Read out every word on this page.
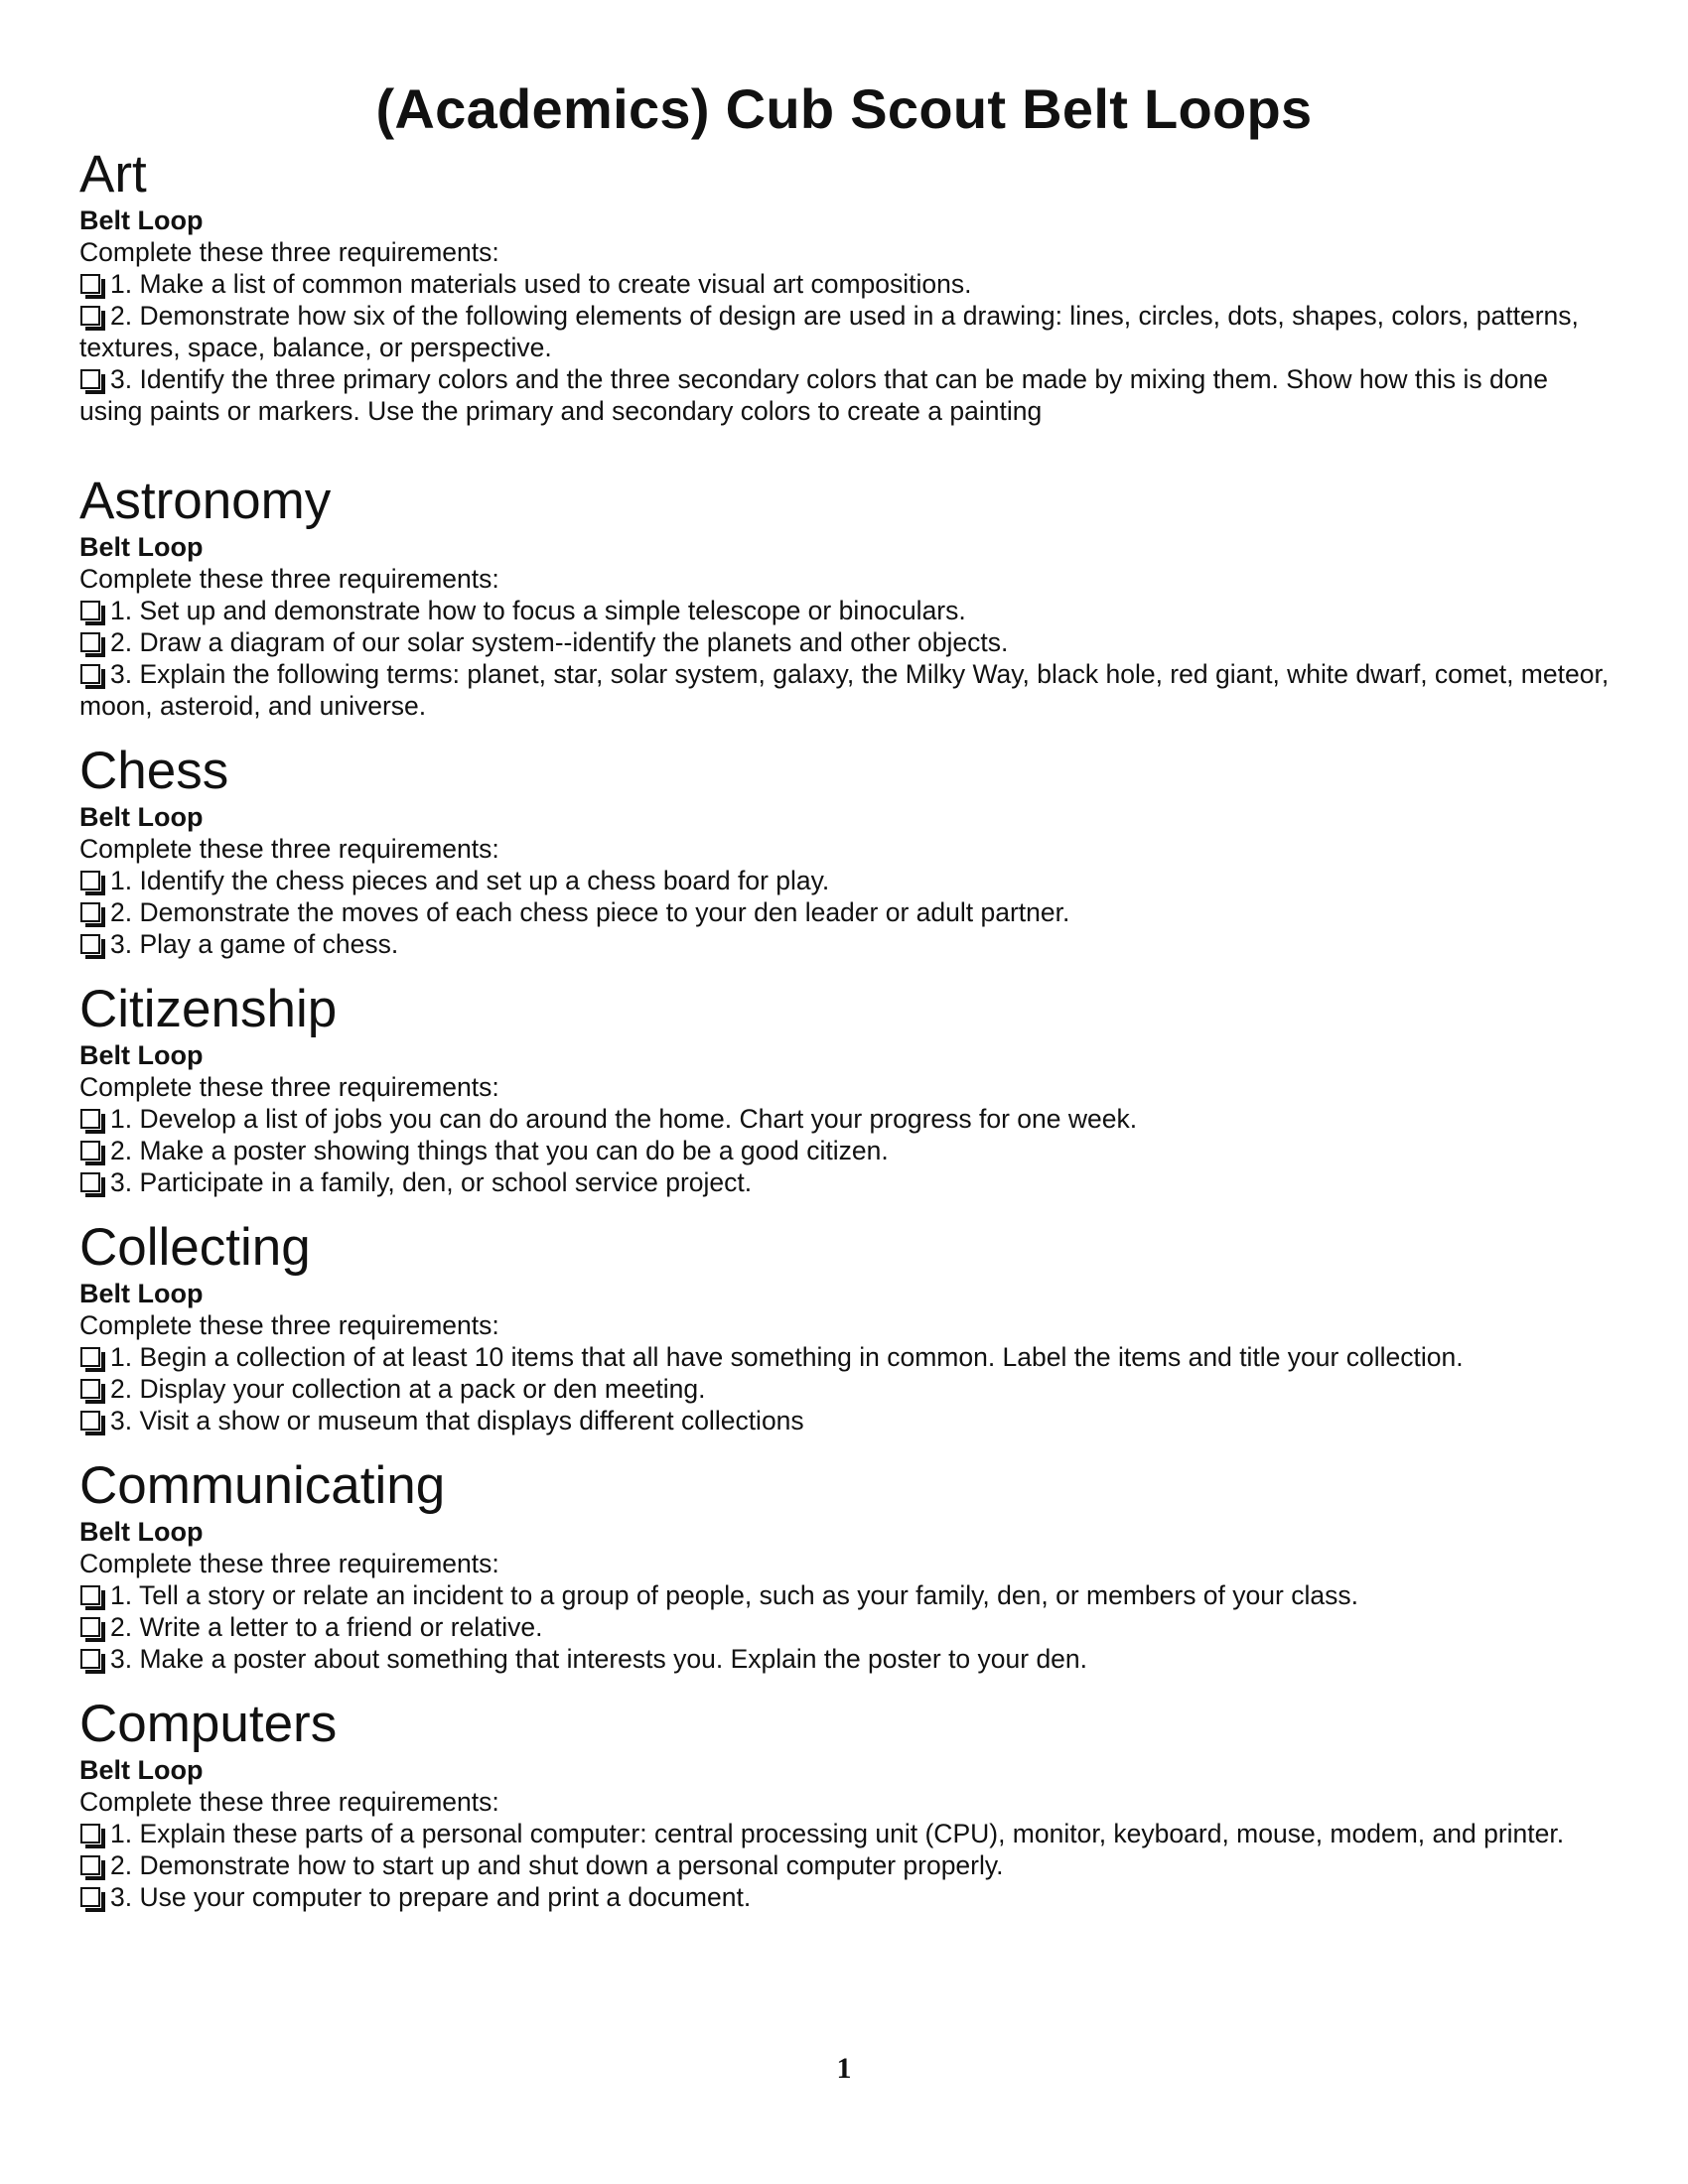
(Academics) Cub Scout Belt Loops
Art
Belt Loop
Complete these three requirements:
1. Make a list of common materials used to create visual art compositions.
2. Demonstrate how six of the following elements of design are used in a drawing: lines, circles, dots, shapes, colors, patterns, textures, space, balance, or perspective.
3. Identify the three primary colors and the three secondary colors that can be made by mixing them. Show how this is done using paints or markers. Use the primary and secondary colors to create a painting
Astronomy
Belt Loop
Complete these three requirements:
1. Set up and demonstrate how to focus a simple telescope or binoculars.
2. Draw a diagram of our solar system--identify the planets and other objects.
3. Explain the following terms: planet, star, solar system, galaxy, the Milky Way, black hole, red giant, white dwarf, comet, meteor, moon, asteroid, and universe.
Chess
Belt Loop
Complete these three requirements:
1. Identify the chess pieces and set up a chess board for play.
2. Demonstrate the moves of each chess piece to your den leader or adult partner.
3. Play a game of chess.
Citizenship
Belt Loop
Complete these three requirements:
1. Develop a list of jobs you can do around the home. Chart your progress for one week.
2. Make a poster showing things that you can do be a good citizen.
3. Participate in a family, den, or school service project.
Collecting
Belt Loop
Complete these three requirements:
1. Begin a collection of at least 10 items that all have something in common. Label the items and title your collection.
2. Display your collection at a pack or den meeting.
3. Visit a show or museum that displays different collections
Communicating
Belt Loop
Complete these three requirements:
1. Tell a story or relate an incident to a group of people, such as your family, den, or members of your class.
2. Write a letter to a friend or relative.
3. Make a poster about something that interests you. Explain the poster to your den.
Computers
Belt Loop
Complete these three requirements:
1. Explain these parts of a personal computer: central processing unit (CPU), monitor, keyboard, mouse, modem, and printer.
2. Demonstrate how to start up and shut down a personal computer properly.
3. Use your computer to prepare and print a document.
1
